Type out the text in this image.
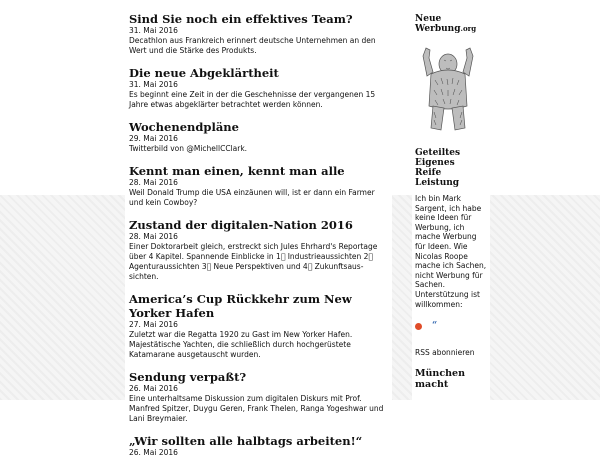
Sind Sie noch ein effektives Team?
31. Mai 2016
Decathlon aus Frankreich erinnert deutsche Unternehmen an den Wert und die Stärke des Produkts.
Die neue Abgeklärtheit
31. Mai 2016
Es beginnt eine Zeit in der die Geschehnisse der vergangenen 15 Jahre etwas abgeklärter betrachtet werden können.
Wochenendpläne
29. Mai 2016
Twitterbild von @MichellCClark.
Kennt man einen, kennt man alle
28. Mai 2016
Weil Donald Trump die USA einzäunen will, ist er dann ein Farmer und kein Cowboy?
Zustand der digitalen-Nation 2016
28. Mai 2016
Einer Doktorarbeit gleich, erstreckt sich Jules Ehrhard's Reportage über 4 Kapitel. Spannende Einblicke in 1⃣ Industrieaussichten 2⃣ Agenturaussichten 3⃣ Neue Perspektiven und 4⃣ Zukunftsaus-sichten.
America’s Cup Rückkehr zum New Yorker Hafen
27. Mai 2016
Zuletzt war die Regatta 1920 zu Gast im New Yorker Hafen. Majestätische Yachten, die schließlich durch hochgerüstete Katamarane ausgetauscht wurden.
Sendung verpaßt?
26. Mai 2016
Eine unterhaltsame Diskussion zum digitalen Diskurs mit Prof. Manfred Spitzer, Duygu Geren, Frank Thelen, Ranga Yogeshwar und Lani Breymaier.
„Wir sollten alle halbtags arbeiten!“
26. Mai 2016
Neue
Werbung.org
Geteiltes
Eigenes
Reife
Leistung
Ich bin Mark Sargent, ich habe keine Ideen für Werbung, ich mache Werbung für Ideen. Wie Nicolas Roope mache ich Sachen, nicht Werbung für Sachen. Unterstützung ist willkommen:
“
RSS abonnieren
München
macht
